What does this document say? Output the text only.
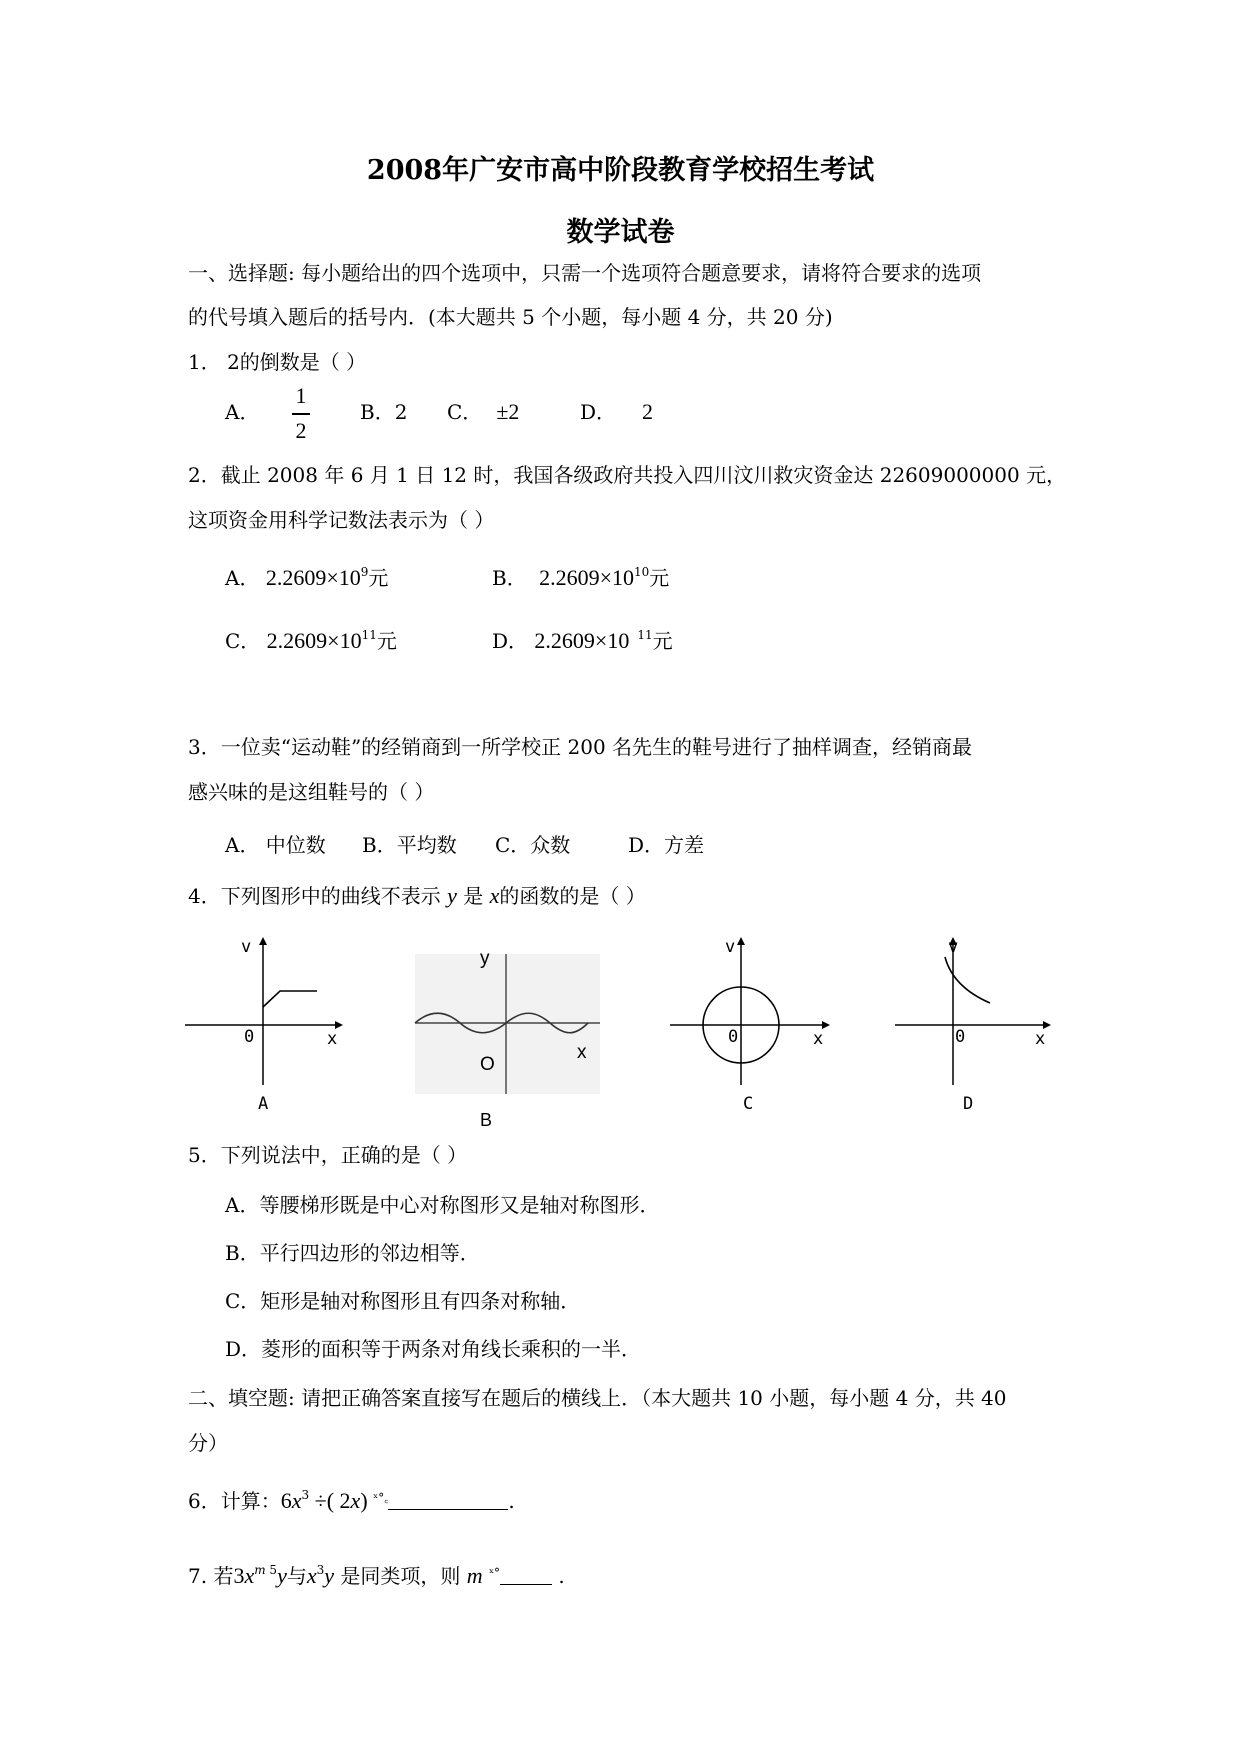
2008年广安市高中阶段教育学校招生考试
数学试卷
一、选择题: 每小题给出的四个选项中，只需一个选项符合题意要求，请将符合要求的选项
的代号填入题后的括号内．(本大题共 5 个小题，每小题 4 分，共 20 分)
1． 2的倒数是（ ）
A．
1
2
B．2 C． ±2	D． 2
2．截止 2008 年 6 月 1 日 12 时，我国各级政府共投入四川汶川救灾资金达 22609000000 元，
这项资金用科学记数法表示为（ ）
A． $2.2609\times 10^9$元	B． $2.2609\times 10^{10}$元
C． $2.2609\times 10^{11}$元	D． 2.2609×10 $^{11}$元
3．一位卖“运动鞋”的经销商到一所学校正 200 名先生的鞋号进行了抽样调查，经销商最
感兴味的是这组鞋号的（ ）
A． 中位数 B．平均数 C．众数	D．方差
4．下列图形中的曲线不表示 y 是 x的函数的是（ ）
v
0	x
A
y
O
x
B
v
0	x
C
v
0	x
D
5．下列说法中，正确的是（ ）
A．等腰梯形既是中心对称图形又是轴对称图形．
B．平行四边形的邻边相等．
C．矩形是轴对称图形且有四条对称轴．
D．菱形的面积等于两条对角线长乘积的一半．
二、填空题: 请把正确答案直接写在题后的横线上．（本大题共 10 小题，每小题 4 分，共 40
分）
6．计算：$6x^3$ ÷( 2x) $^{ˣ^\circ꜀}$	.
7. 若$3x^m$ $^5$y与$x^3y$ 是同类项，则 m $^{ˣ^\circ}$	.
